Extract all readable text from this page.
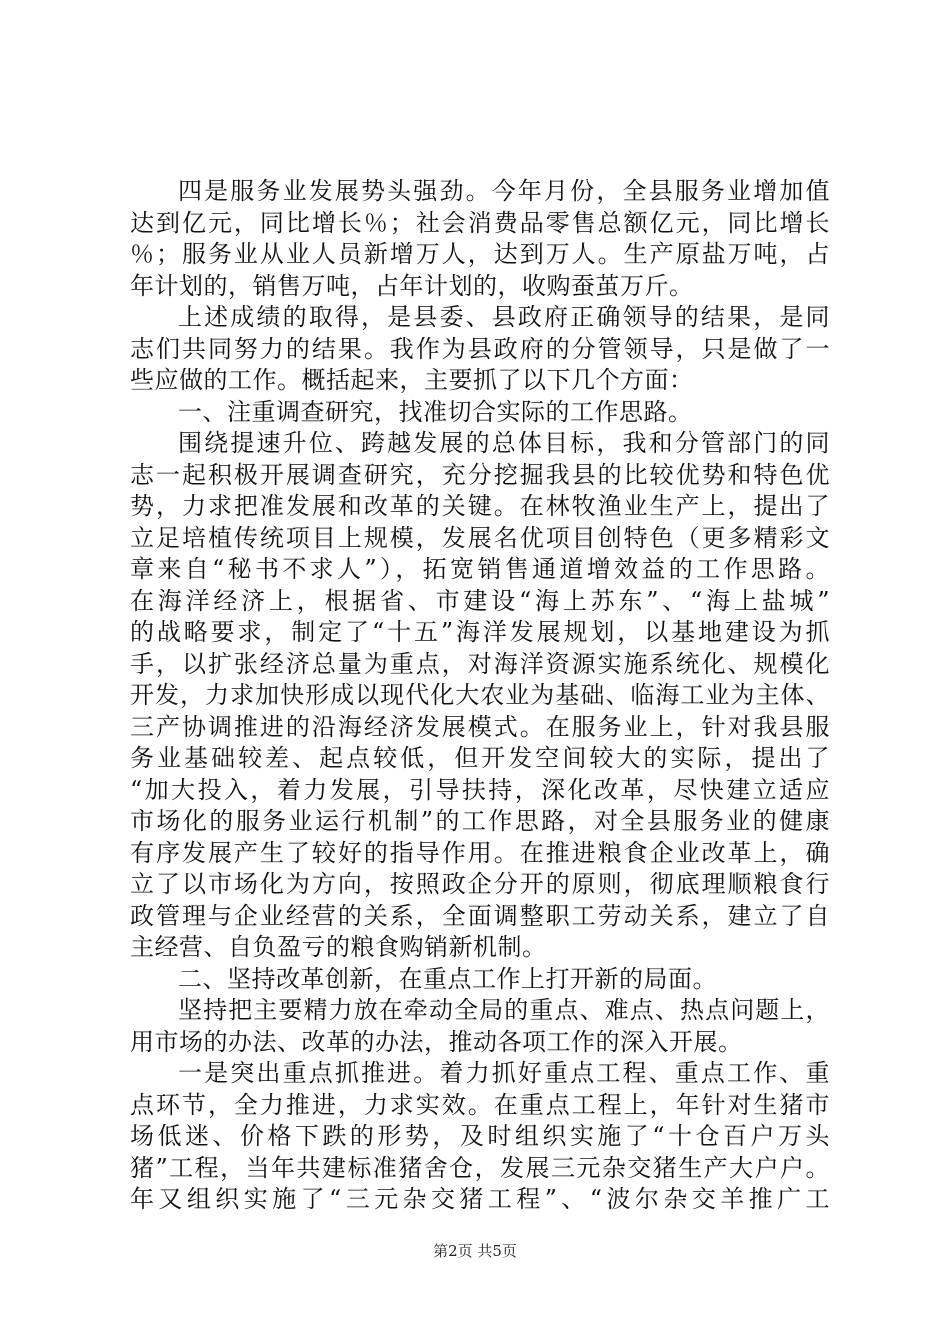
四是服务业发展势头强劲。今年月份，全县服务业增加值
达到亿元，同比增长％；社会消费品零售总额亿元，同比增长
％；服务业从业人员新增万人，达到万人。生产原盐万吨，占
年计划的，销售万吨，占年计划的，收购蚕茧万斤。
上述成绩的取得，是县委、县政府正确领导的结果，是同
志们共同努力的结果。我作为县政府的分管领导，只是做了一
些应做的工作。概括起来，主要抓了以下几个方面：
一、注重调查研究，找准切合实际的工作思路。
围绕提速升位、跨越发展的总体目标，我和分管部门的同
志一起积极开展调查研究，充分挖掘我县的比较优势和特色优
势，力求把准发展和改革的关键。在林牧渔业生产上，提出了
立足培植传统项目上规模，发展名优项目创特色（更多精彩文
章来自“秘书不求人”），拓宽销售通道增效益的工作思路。
在海洋经济上，根据省、市建设“海上苏东”、“海上盐城”
的战略要求，制定了“十五”海洋发展规划，以基地建设为抓
手，以扩张经济总量为重点，对海洋资源实施系统化、规模化
开发，力求加快形成以现代化大农业为基础、临海工业为主体、
三产协调推进的沿海经济发展模式。在服务业上，针对我县服
务业基础较差、起点较低，但开发空间较大的实际，提出了
“加大投入，着力发展，引导扶持，深化改革，尽快建立适应
市场化的服务业运行机制”的工作思路，对全县服务业的健康
有序发展产生了较好的指导作用。在推进粮食企业改革上，确
立了以市场化为方向，按照政企分开的原则，彻底理顺粮食行
政管理与企业经营的关系，全面调整职工劳动关系，建立了自
主经营、自负盈亏的粮食购销新机制。
二、坚持改革创新，在重点工作上打开新的局面。
坚持把主要精力放在牵动全局的重点、难点、热点问题上，
用市场的办法、改革的办法，推动各项工作的深入开展。
一是突出重点抓推进。着力抓好重点工程、重点工作、重
点环节，全力推进，力求实效。在重点工程上，年针对生猪市
场低迷、价格下跌的形势，及时组织实施了“十仓百户万头
猪”工程，当年共建标准猪舍仓，发展三元杂交猪生产大户户。
年又组织实施了“三元杂交猪工程”、“波尔杂交羊推广工
第2页 共5页
